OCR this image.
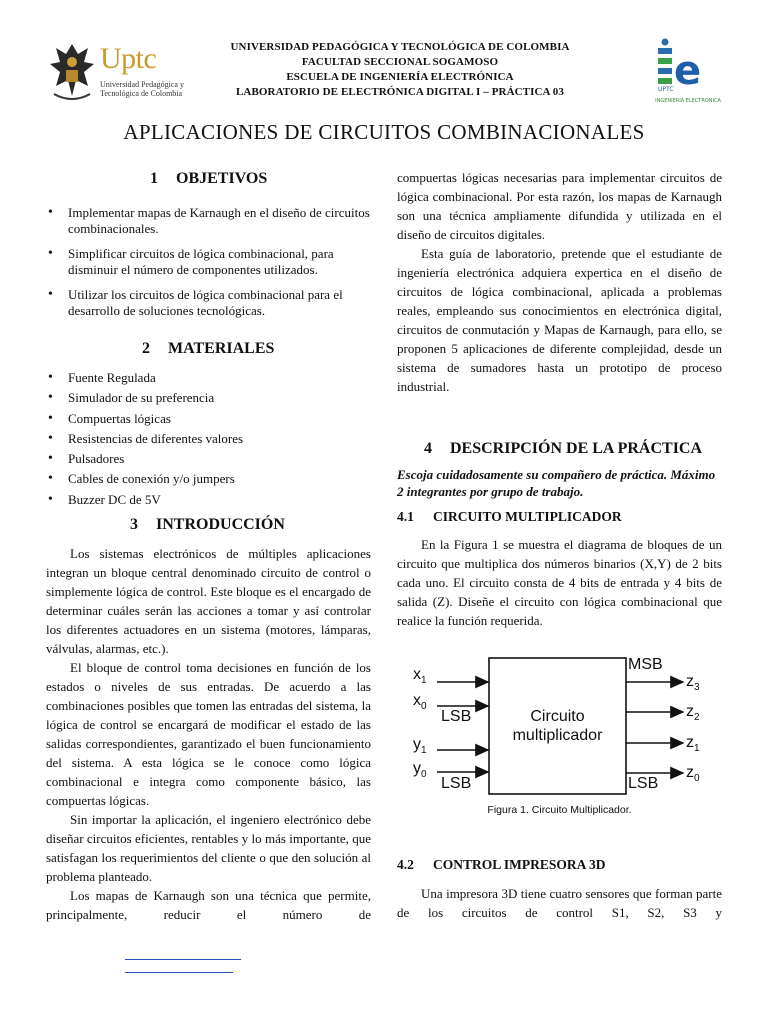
Uptc
Universidad Pedagógica y
Tecnológica de Colombia
UNIVERSIDAD PEDAGÓGICA Y TECNOLÓGICA DE COLOMBIA
FACULTAD SECCIONAL SOGAMOSO
ESCUELA DE INGENIERÍA ELECTRÓNICA
LABORATORIO DE ELECTRÓNICA DIGITAL I – PRÁCTICA 03	e
UPTC
INGENIERIA ELECTRONICA
APLICACIONES DE CIRCUITOS COMBINACIONALES
1 OBJETIVOS
• Implementar mapas de Karnaugh en el diseño de circuitos combinacionales.
• Simplificar circuitos de lógica combinacional, para disminuir el número de componentes utilizados.
• Utilizar los circuitos de lógica combinacional para el desarrollo de soluciones tecnológicas.
2 MATERIALES
• Fuente Regulada
• Simulador de su preferencia
• Compuertas lógicas
• Resistencias de diferentes valores
• Pulsadores
• Cables de conexión y/o jumpers
• Buzzer DC de 5V
3 INTRODUCCIÓN

Los sistemas electrónicos de múltiples aplicaciones integran un bloque central denominado circuito de control o simplemente lógica de control. Este bloque es el encargado de determinar cuáles serán las acciones a tomar y así controlar los diferentes actuadores en un sistema (motores, lámparas, válvulas, alarmas, etc.).

El bloque de control toma decisiones en función de los estados o niveles de sus entradas. De acuerdo a las combinaciones posibles que tomen las entradas del sistema, la lógica de control se encargará de modificar el estado de las salidas correspondientes, garantizado el buen funcionamiento del sistema. A esta lógica se le conoce como lógica combinacional e integra como componente básico, las compuertas lógicas.

Sin importar la aplicación, el ingeniero electrónico debe diseñar circuitos eficientes, rentables y lo más importante, que satisfagan los requerimientos del cliente o que den solución al problema planteado.

Los mapas de Karnaugh son una técnica que permite, principalmente, reducir el número de

compuertas lógicas necesarias para implementar circuitos de lógica combinacional. Por esta razón, los mapas de Karnaugh son una técnica ampliamente difundida y utilizada en el diseño de circuitos digitales.

Esta guía de laboratorio, pretende que el estudiante de ingeniería electrónica adquiera expertica en el diseño de circuitos de lógica combinacional, aplicada a problemas reales, empleando sus conocimientos en electrónica digital, circuitos de conmutación y Mapas de Karnaugh, para ello, se proponen 5 aplicaciones de diferente complejidad, desde un sistema de sumadores hasta un prototipo de proceso industrial.

4 DESCRIPCIÓN DE LA PRÁCTICA
Escoja cuidadosamente su compañero de práctica. Máximo 2 integrantes por grupo de trabajo.
4.1 CIRCUITO MULTIPLICADOR

En la Figura 1 se muestra el diagrama de bloques de un circuito que multiplica dos números binarios (X,Y) de 2 bits cada uno. El circuito consta de 4 bits de entrada y 4 bits de salida (Z). Diseñe el circuito con lógica combinacional que realice la función requerida.

$x_1$
$x_0$
LSB
$y_1$
$y_0$
LSB
Circuito
multiplicador
MSB
LSB
$z_3$
$z_2$
$z_1$
$z_0$
Figura 1. Circuito Multiplicador.
4.2 CONTROL IMPRESORA 3D

Una impresora 3D tiene cuatro sensores que forman parte de los circuitos de control S1, S2, S3 y
